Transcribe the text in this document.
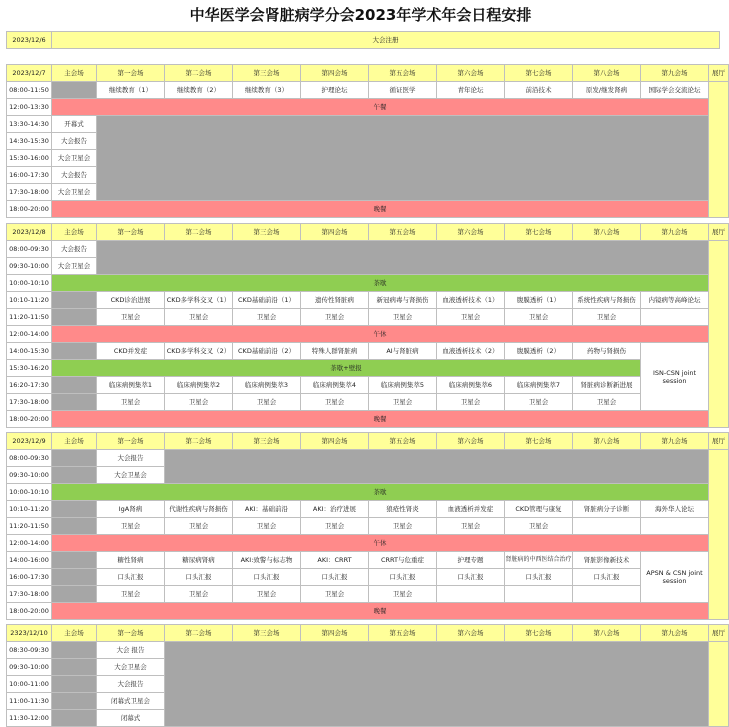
中华医学会肾脏病学分会2023年学术年会日程安排
2023/12/6	大会注册
2023/12/7	主会场	第一会场	第二会场	第三会场	第四会场	第五会场	第六会场	第七会场	第八会场	第九会场	展厅
08:00-11:50		继续教育（1）	继续教育（2）	继续教育（3）	护理论坛	循证医学	青年论坛	前沿技术	原发/继发肾病	国际学会交流论坛	
12:00-13:30	午餐										
13:30-14:30	开幕式										
14:30-15:30	大会报告										
15:30-16:00	大会卫星会										
16:00-17:30	大会报告										
17:30-18:00	大会卫星会										
18:00-20:00	晚餐										
2023/12/8	主会场	第一会场	第二会场	第三会场	第四会场	第五会场	第六会场	第七会场	第八会场	第九会场	展厅
08:00-09:30	大会报告										
09:30-10:00	大会卫星会										
10:00-10:10	茶歇										
10:10-11:20		CKD诊治进展	CKD多学科交叉（1）	CKD基础前沿（1）	遗传性肾脏病	新冠病毒与肾损伤	血液透析技术（1）	腹膜透析（1）	系统性疾病与肾损伤	内镜病等高峰论坛	
11:20-11:50		卫星会	卫星会	卫星会	卫星会	卫星会	卫星会	卫星会	卫星会		
12:00-14:00	午休										
14:00-15:30		CKD并发症	CKD多学科交叉（2）	CKD基础前沿（2）	特殊人群肾脏病	AI与肾脏病	血液透析技术（2）	腹膜透析（2）	药物与肾损伤	ISN-CSN joint session	
15:30-16:20	茶歇+壁报										
16:20-17:30		临床病例集萃1	临床病例集萃2	临床病例集萃3	临床病例集萃4	临床病例集萃5	临床病例集萃6	临床病例集萃7	肾脏病诊断新进展		
17:30-18:00		卫星会	卫星会	卫星会	卫星会	卫星会	卫星会	卫星会	卫星会		
18:00-20:00	晚餐										
2023/12/9	主会场	第一会场	第二会场	第三会场	第四会场	第五会场	第六会场	第七会场	第八会场	第九会场	展厅
08:00-09:30		大会报告									
09:30-10:00		大会卫星会									
10:00-10:10	茶歇										
10:10-11:20		IgA肾病	代谢性疾病与肾损伤	AKI：基础前沿	AKI：治疗进展	狼疮性肾炎	血液透析并发症	CKD管理与康复	肾脏病分子诊断	海外华人论坛	
11:20-11:50		卫星会	卫星会	卫星会	卫星会	卫星会	卫星会	卫星会			
12:00-14:00	午休										
14:00-16:00		糖性肾病	糖尿病肾病	AKI:致警与标志物	AKI：CRRT	CRRT与危重症	护理专题	肾脏病的中西医结合治疗	肾脏影像新技术	APSN & CSN joint session	
16:00-17:30		口头汇报	口头汇报	口头汇报	口头汇报	口头汇报	口头汇报	口头汇报	口头汇报		
17:30-18:00		卫星会	卫星会	卫星会	卫星会	卫星会					
18:00-20:00	晚餐										
2323/12/10	主会场	第一会场	第二会场	第三会场	第四会场	第五会场	第六会场	第七会场	第八会场	第九会场	展厅
08:30-09:30		大会 报告									
09:30-10:00		大会卫星会									
10:00-11:00		大会报告									
11:00-11:30		闭幕式卫星会									
11:30-12:00		闭幕式									
